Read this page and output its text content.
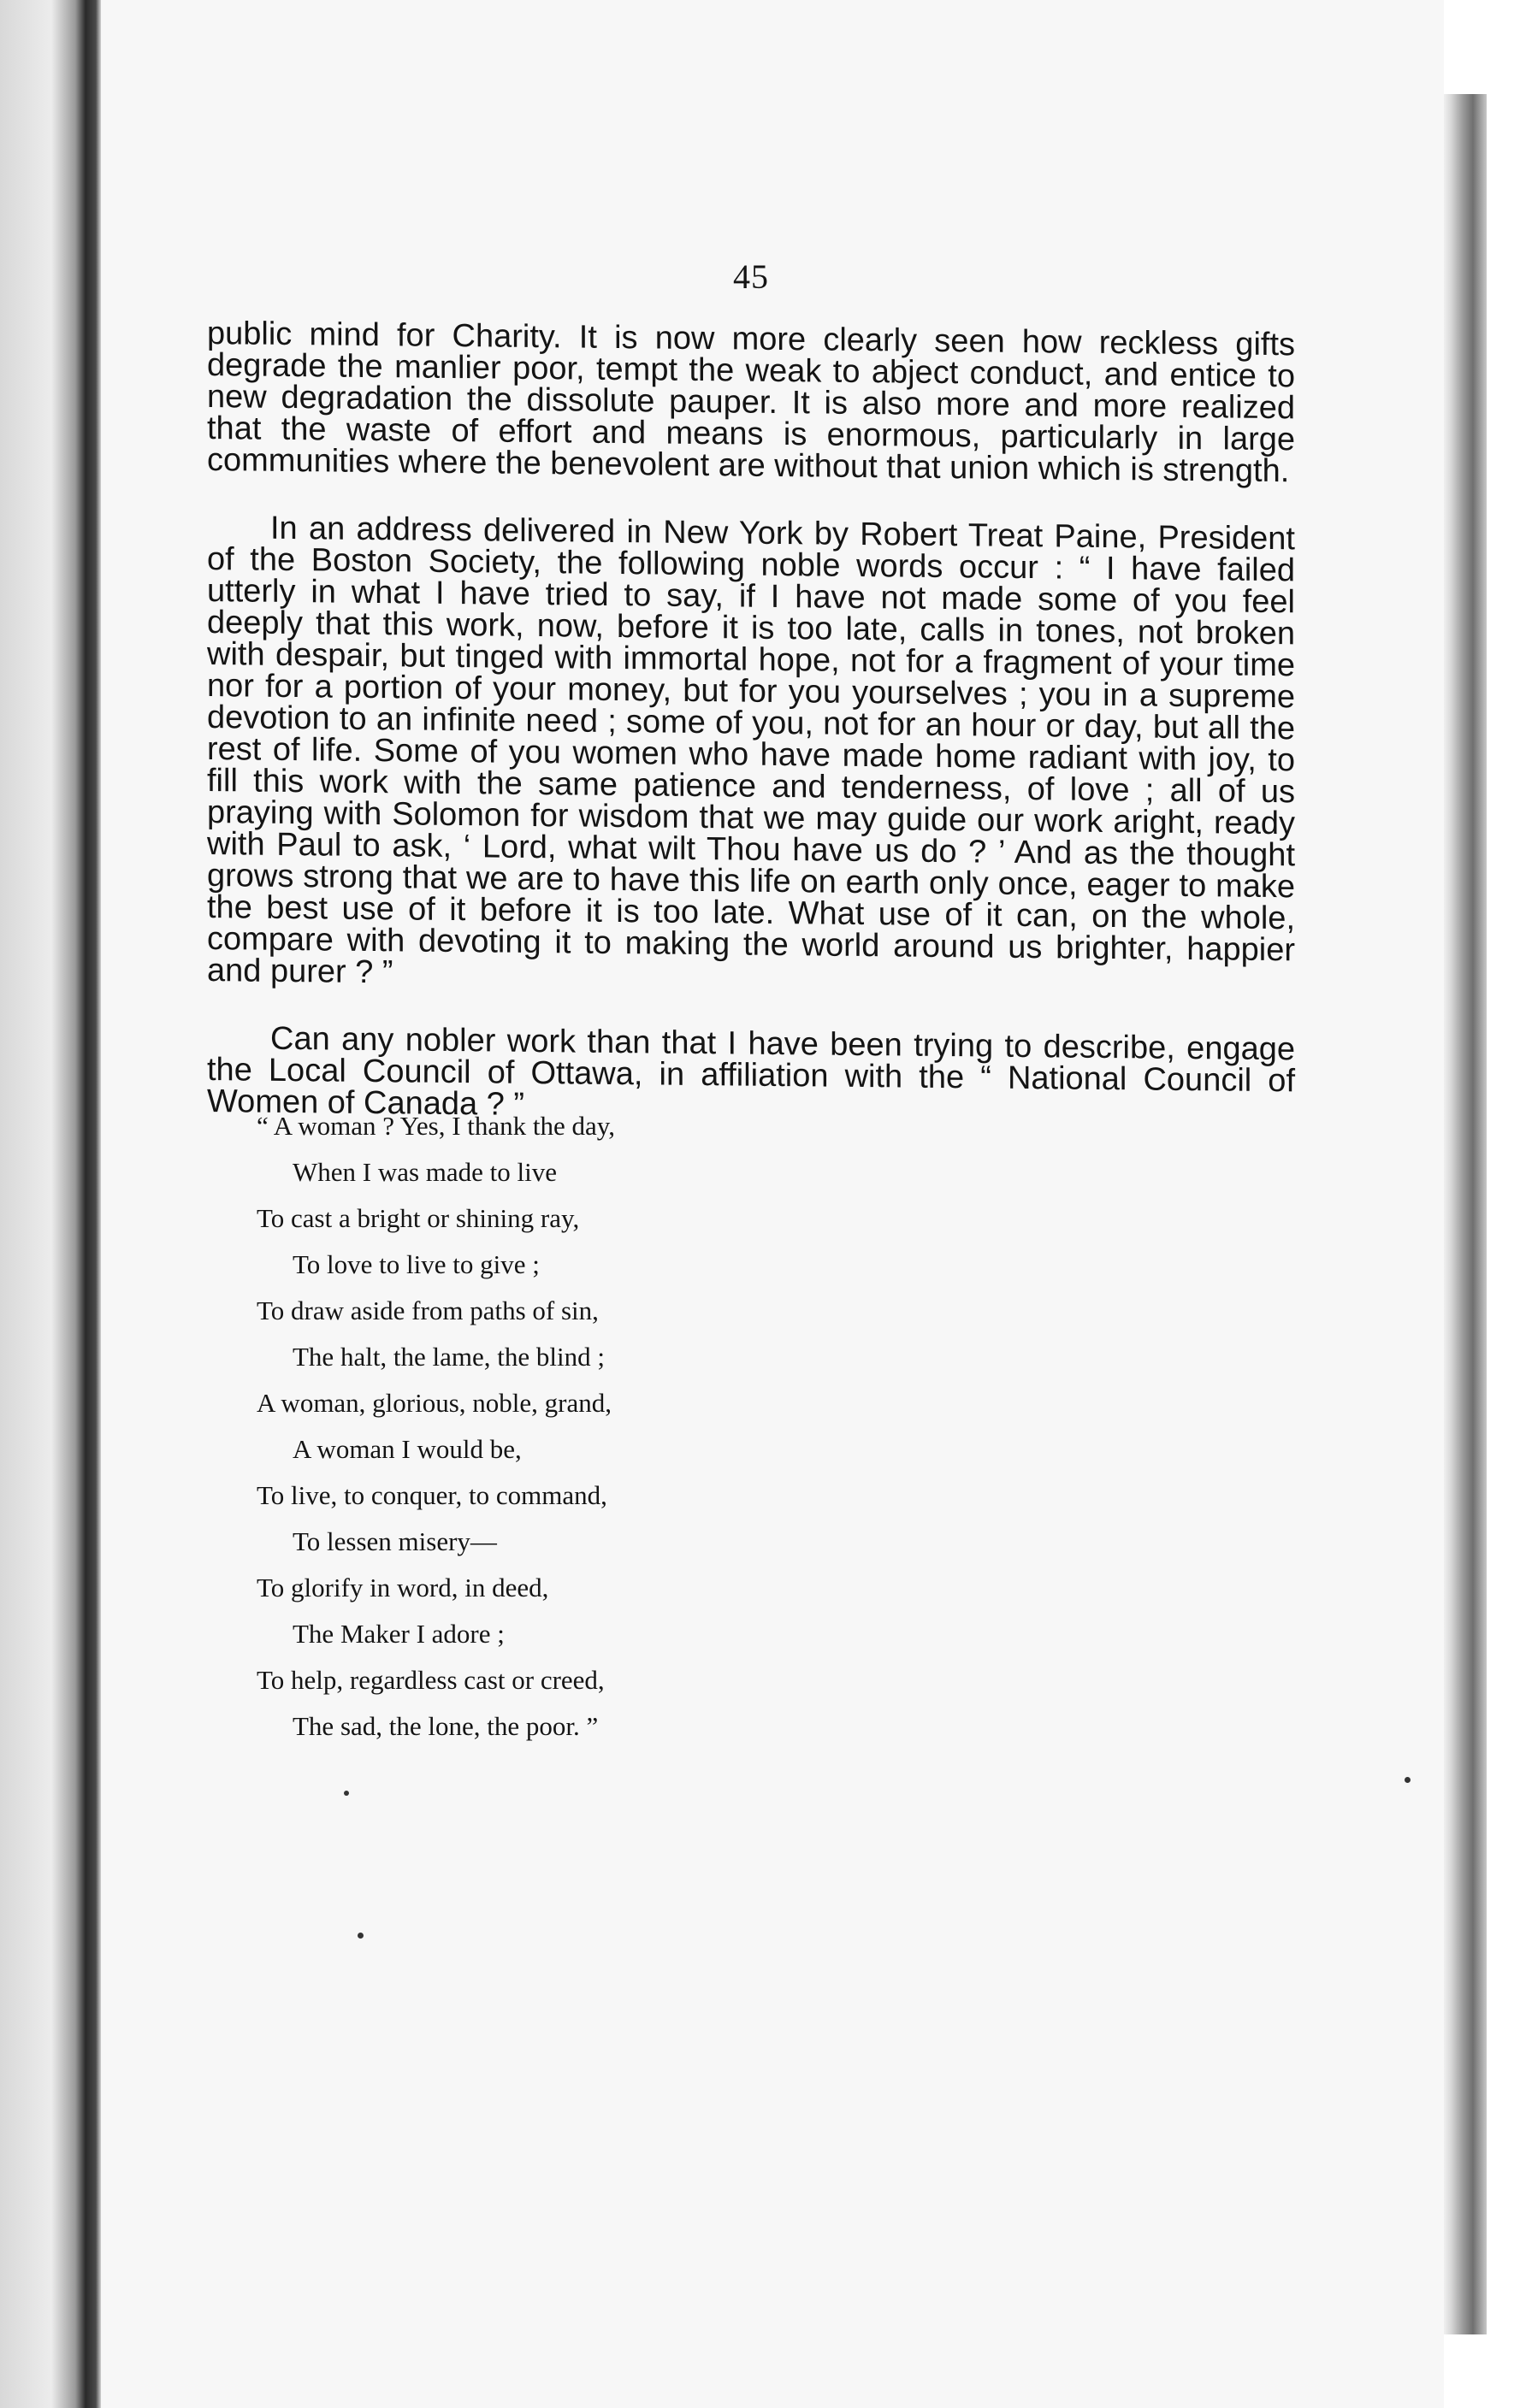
45

public mind for Charity. It is now more clearly seen how reckless gifts degrade the manlier poor, tempt the weak to abject conduct, and entice to new degradation the dissolute pauper. It is also more and more realized that the waste of effort and means is enormous, particularly in large communities where the benevolent are without that union which is strength.

In an address delivered in New York by Robert Treat Paine, President of the Boston Society, the following noble words occur : “ I have failed utterly in what I have tried to say, if I have not made some of you feel deeply that this work, now, before it is too late, calls in tones, not broken with despair, but tinged with immortal hope, not for a fragment of your time nor for a portion of your money, but for you yourselves ; you in a supreme devotion to an infinite need ; some of you, not for an hour or day, but all the rest of life. Some of you women who have made home radiant with joy, to fill this work with the same patience and tenderness, of love ; all of us praying with Solomon for wisdom that we may guide our work aright, ready with Paul to ask, ‘ Lord, what wilt Thou have us do ? ’ And as the thought grows strong that we are to have this life on earth only once, eager to make the best use of it before it is too late. What use of it can, on the whole, compare with devoting it to making the world around us brighter, happier and purer ? ”

Can any nobler work than that I have been trying to describe, engage the Local Council of Ottawa, in affiliation with the “ National Council of Women of Canada ? ”

“ A woman ? Yes, I thank the day,
When I was made to live
To cast a bright or shining ray,
To love to live to give ;
To draw aside from paths of sin,
The halt, the lame, the blind ;
A woman, glorious, noble, grand,
A woman I would be,
To live, to conquer, to command,
To lessen misery—
To glorify in word, in deed,
The Maker I adore ;
To help, regardless cast or creed,
The sad, the lone, the poor. ”
